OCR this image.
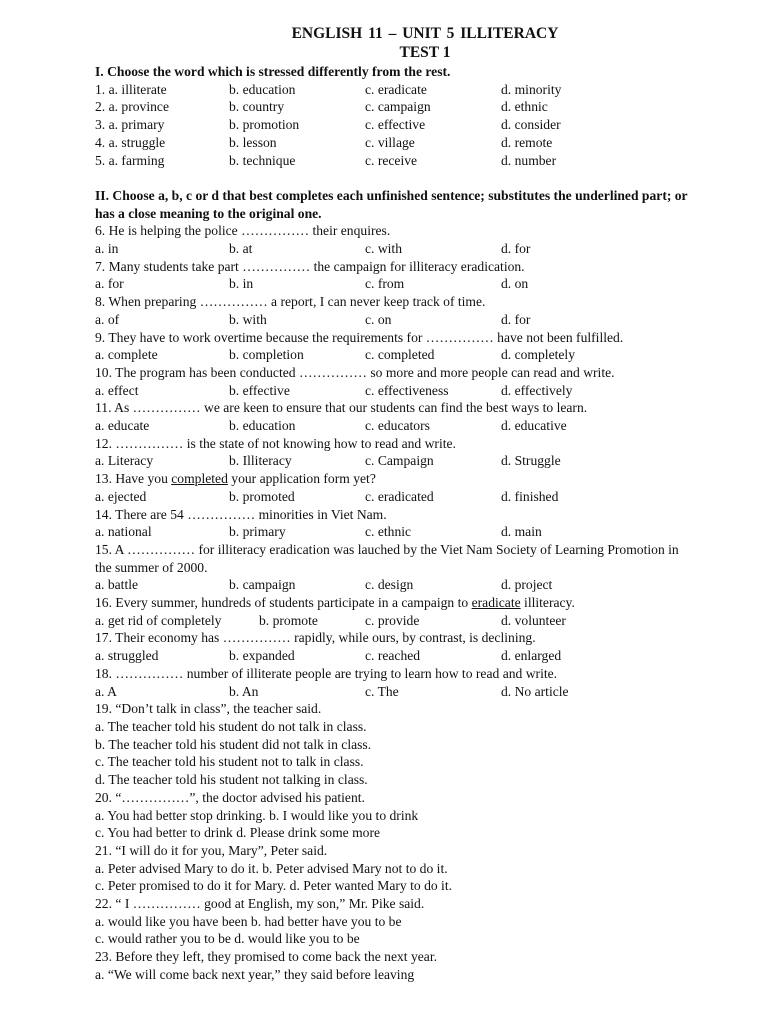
ENGLISH 11 – UNIT 5 ILLITERACY
TEST 1
I. Choose the word which is stressed differently from the rest.
1. a. illiterate	b. education	c. eradicate	d. minority
2. a. province	b. country	c. campaign	d. ethnic
3. a. primary	b. promotion	c. effective	d. consider
4. a. struggle	b. lesson	c. village	d. remote
5. a. farming	b. technique	c. receive	d. number
II. Choose a, b, c or d that best completes each unfinished sentence; substitutes the underlined part; or
has a close meaning to the original one.
6. He is helping the police …………… their enquires.
a. in	b. at	c. with	d. for
7. Many students take part …………… the campaign for illiteracy eradication.
a. for	b. in	c. from	d. on
8. When preparing …………… a report, I can never keep track of time.
a. of	b. with	c. on	d. for
9. They have to work overtime because the requirements for …………… have not been fulfilled.
a. complete	b. completion	c. completed	d. completely
10. The program has been conducted …………… so more and more people can read and write.
a. effect	b. effective	c. effectiveness	d. effectively
11. As …………… we are keen to ensure that our students can find the best ways to learn.
a. educate	b. education	c. educators	d. educative
12. …………… is the state of not knowing how to read and write.
a. Literacy	b. Illiteracy	c. Campaign	d. Struggle
13. Have you completed your application form yet?
a. ejected	b. promoted	c. eradicated	d. finished
14. There are 54 …………… minorities in Viet Nam.
a. national	b. primary	c. ethnic	d. main
15. A …………… for illiteracy eradication was lauched by the Viet Nam Society of Learning Promotion in
the summer of 2000.
a. battle	b. campaign	c. design	d. project
16. Every summer, hundreds of students participate in a campaign to eradicate illiteracy.
a. get rid of completely	b. promote	c. provide	d. volunteer
17. Their economy has …………… rapidly, while ours, by contrast, is declining.
a. struggled	b. expanded	c. reached	d. enlarged
18. …………… number of illiterate people are trying to learn how to read and write.
a. A	b. An	c. The	d. No article
19. “Don’t talk in class”, the teacher said.
a. The teacher told his student do not talk in class.
b. The teacher told his student did not talk in class.
c. The teacher told his student not to talk in class.
d. The teacher told his student not talking in class.
20. “……………”, the doctor advised his patient.
a. You had better stop drinking. b. I would like you to drink
c. You had better to drink d. Please drink some more
21. “I will do it for you, Mary”, Peter said.
a. Peter advised Mary to do it. b. Peter advised Mary not to do it.
c. Peter promised to do it for Mary. d. Peter wanted Mary to do it.
22. “ I …………… good at English, my son,” Mr. Pike said.
a. would like you have been b. had better have you to be
c. would rather you to be d. would like you to be
23. Before they left, they promised to come back the next year.
a. “We will come back next year,” they said before leaving
